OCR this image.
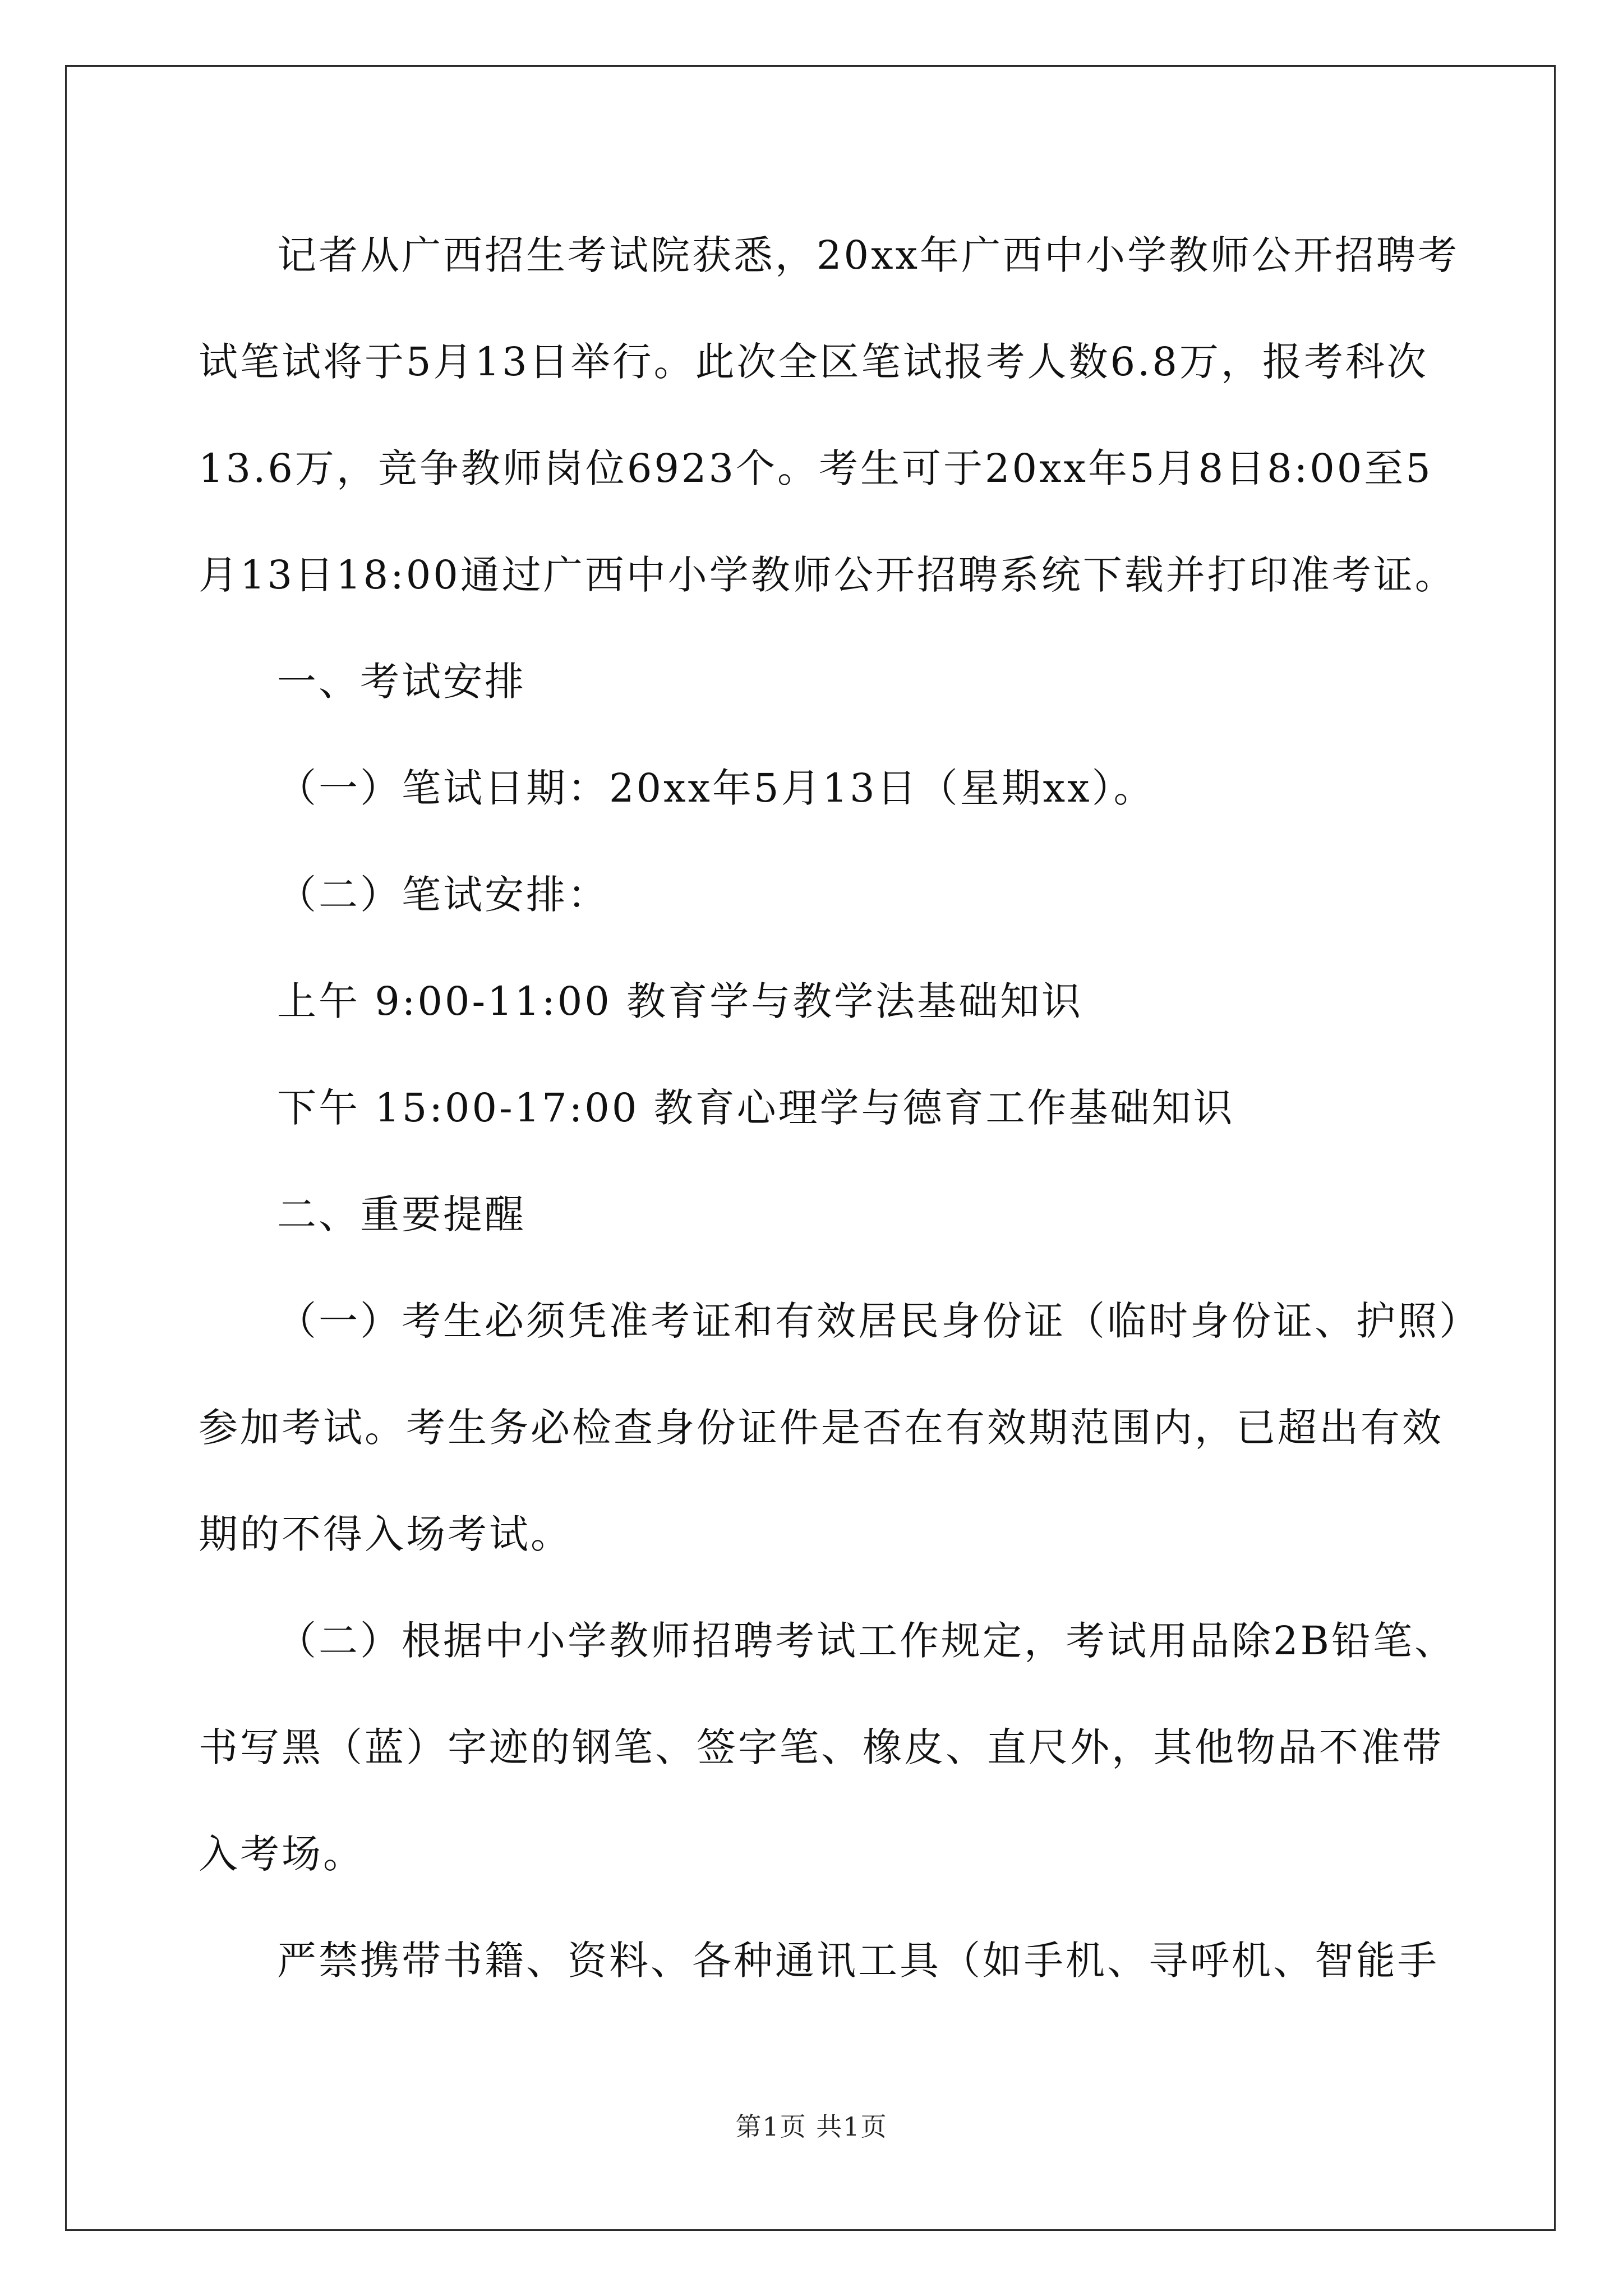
记者从广西招生考试院获悉，20xx年广西中小学教师公开招聘考
试笔试将于5月13日举行。此次全区笔试报考人数6.8万，报考科次
13.6万，竞争教师岗位6923个。考生可于20xx年5月8日8:00至5
月13日18:00通过广西中小学教师公开招聘系统下载并打印准考证。
一、考试安排
（一）笔试日期：20xx年5月13日（星期xx）。
（二）笔试安排：
上午 9:00-11:00 教育学与教学法基础知识
下午 15:00-17:00 教育心理学与德育工作基础知识
二、重要提醒
（一）考生必须凭准考证和有效居民身份证（临时身份证、护照）
参加考试。考生务必检查身份证件是否在有效期范围内，已超出有效
期的不得入场考试。
（二）根据中小学教师招聘考试工作规定，考试用品除2B铅笔、
书写黑（蓝）字迹的钢笔、签字笔、橡皮、直尺外，其他物品不准带
入考场。
严禁携带书籍、资料、各种通讯工具（如手机、寻呼机、智能手
第1页 共1页
